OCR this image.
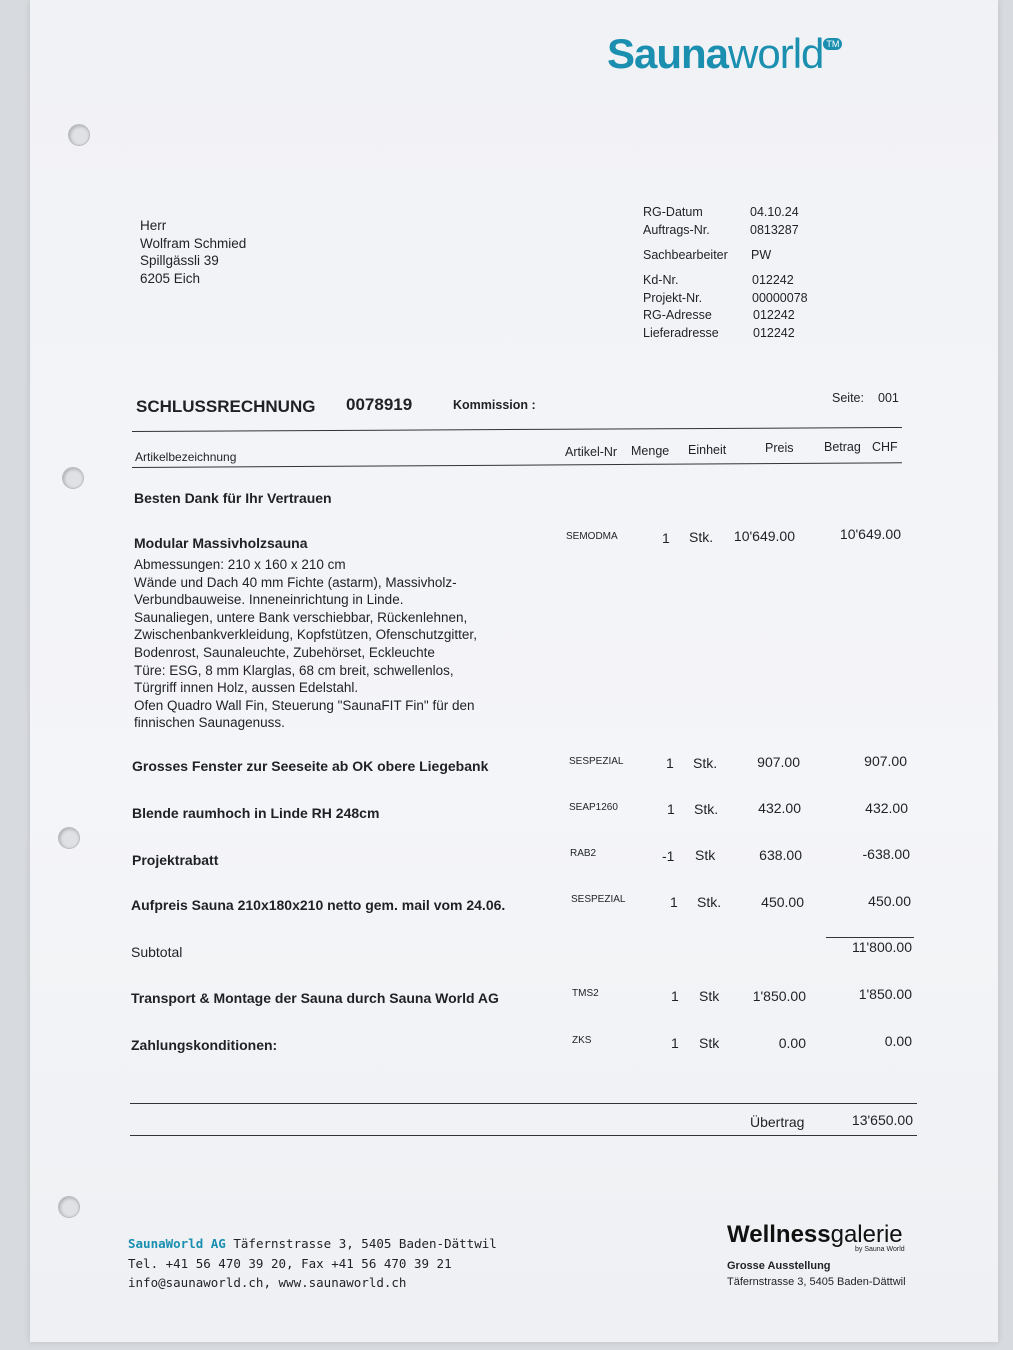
Saunaworld TM
Herr
Wolfram Schmied
Spillgässli 39
6205 Eich
RG-Datum	04.10.24
Auftrags-Nr.	0813287
Sachbearbeiter PW
Kd-Nr.	012242
Projekt-Nr.	00000078
RG-Adresse	012242
Lieferadresse	012242
SCHLUSSRECHNUNG 0078919	Kommission :	Seite: 001
Artikelbezeichnung	Artikel-Nr Menge Einheit	Preis Betrag CHF
Besten Dank für Ihr Vertrauen
Modular Massivholzsauna
Abmessungen: 210 x 160 x 210 cm
Wände und Dach 40 mm Fichte (astarm), Massivholz-
Verbundbauweise. Inneneinrichtung in Linde.
Saunaliegen, untere Bank verschiebbar, Rückenlehnen,
Zwischenbankverkleidung, Kopfstützen, Ofenschutzgitter,
Bodenrost, Saunaleuchte, Zubehörset, Eckleuchte
Türe: ESG, 8 mm Klarglas, 68 cm breit, schwellenlos,
Türgriff innen Holz, aussen Edelstahl.
Ofen Quadro Wall Fin, Steuerung "SaunaFIT Fin" für den
finnischen Saunagenuss.
SEMODMA	1 Stk.	10'649.00	10'649.00
Grosses Fenster zur Seeseite ab OK obere Liegebank	SESPEZIAL	1 Stk.	907.00	907.00
Blende raumhoch in Linde RH 248cm	SEAP1260	1 Stk.	432.00	432.00
Projektrabatt	RAB2	-1 Stk	638.00	-638.00
Aufpreis Sauna 210x180x210 netto gem. mail vom 24.06.	SESPEZIAL	1 Stk.	450.00	450.00
Subtotal	11'800.00
Transport & Montage der Sauna durch Sauna World AG	TMS2	1 Stk	1'850.00	1'850.00
Zahlungskonditionen:	ZKS	1 Stk	0.00	0.00
Übertrag	13'650.00
SaunaWorld AG Täfernstrasse 3, 5405 Baden-Dättwil
Tel. +41 56 470 39 20, Fax +41 56 470 39 21
info@saunaworld.ch, www.saunaworld.ch
Wellnessgalerie
by Sauna World
Grosse Ausstellung
Täfernstrasse 3, 5405 Baden-Dättwil
